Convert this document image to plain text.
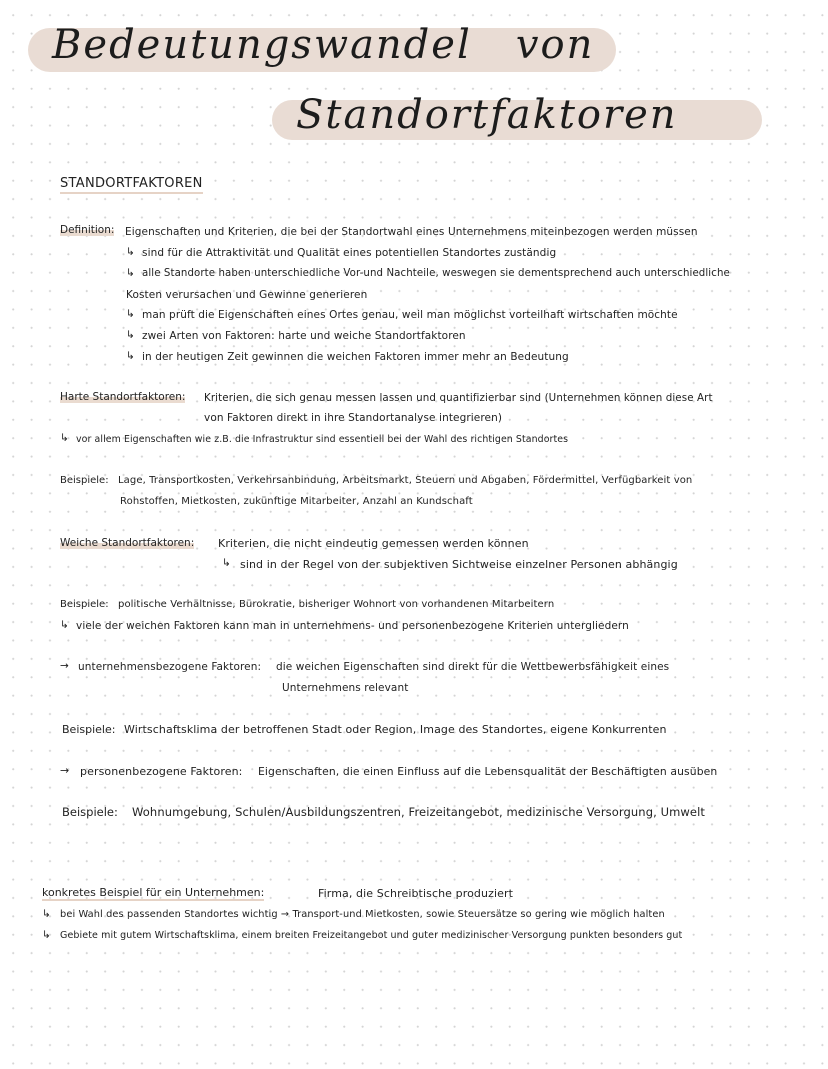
Bedeutungswandel   von
Standortfaktoren
STANDORTFAKTOREN
Definition: Eigenschaften und Kriterien, die bei der Standortwahl eines Unternehmens miteinbezogen werden müssen
↳ sind für die Attraktivität und Qualität eines potentiellen Standortes zuständig
↳ alle Standorte haben unterschiedliche Vor-und Nachteile, weswegen sie dementsprechend auch unterschiedliche
Kosten verursachen und Gewinne generieren
↳ man prüft die Eigenschaften eines Ortes genau, weil man möglichst vorteilhaft wirtschaften möchte
↳ zwei Arten von Faktoren: harte und weiche Standortfaktoren
↳ in der heutigen Zeit gewinnen die weichen Faktoren immer mehr an Bedeutung
Harte Standortfaktoren: Kriterien, die sich genau messen lassen und quantifizierbar sind (Unternehmen können diese Art
von Faktoren direkt in ihre Standortanalyse integrieren)
↳ vor allem Eigenschaften wie z.B. die Infrastruktur sind essentiell bei der Wahl des richtigen Standortes
Beispiele: Lage, Transportkosten, Verkehrsanbindung, Arbeitsmarkt, Steuern und Abgaben, Fördermittel, Verfügbarkeit von
Rohstoffen, Mietkosten, zukünftige Mitarbeiter, Anzahl an Kundschaft
Weiche Standortfaktoren: Kriterien, die nicht eindeutig gemessen werden können
↳ sind in der Regel von der subjektiven Sichtweise einzelner Personen abhängig
Beispiele: politische Verhältnisse, Bürokratie, bisheriger Wohnort von vorhandenen Mitarbeitern
↳ viele der weichen Faktoren kann man in unternehmens- und personenbezogene Kriterien untergliedern
→ unternehmensbezogene Faktoren: die weichen Eigenschaften sind direkt für die Wettbewerbsfähigkeit eines
Unternehmens relevant
Beispiele: Wirtschaftsklima der betroffenen Stadt oder Region, Image des Standortes, eigene Konkurrenten
→ personenbezogene Faktoren: Eigenschaften, die einen Einfluss auf die Lebensqualität der Beschäftigten ausüben
Beispiele: Wohnumgebung, Schulen/Ausbildungszentren, Freizeitangebot, medizinische Versorgung, Umwelt
konkretes Beispiel für ein Unternehmen:	Firma, die Schreibtische produziert
↳ bei Wahl des passenden Standortes wichtig → Transport-und Mietkosten, sowie Steuersätze so gering wie möglich halten
↳ Gebiete mit gutem Wirtschaftsklima, einem breiten Freizeitangebot und guter medizinischer Versorgung punkten besonders gut
